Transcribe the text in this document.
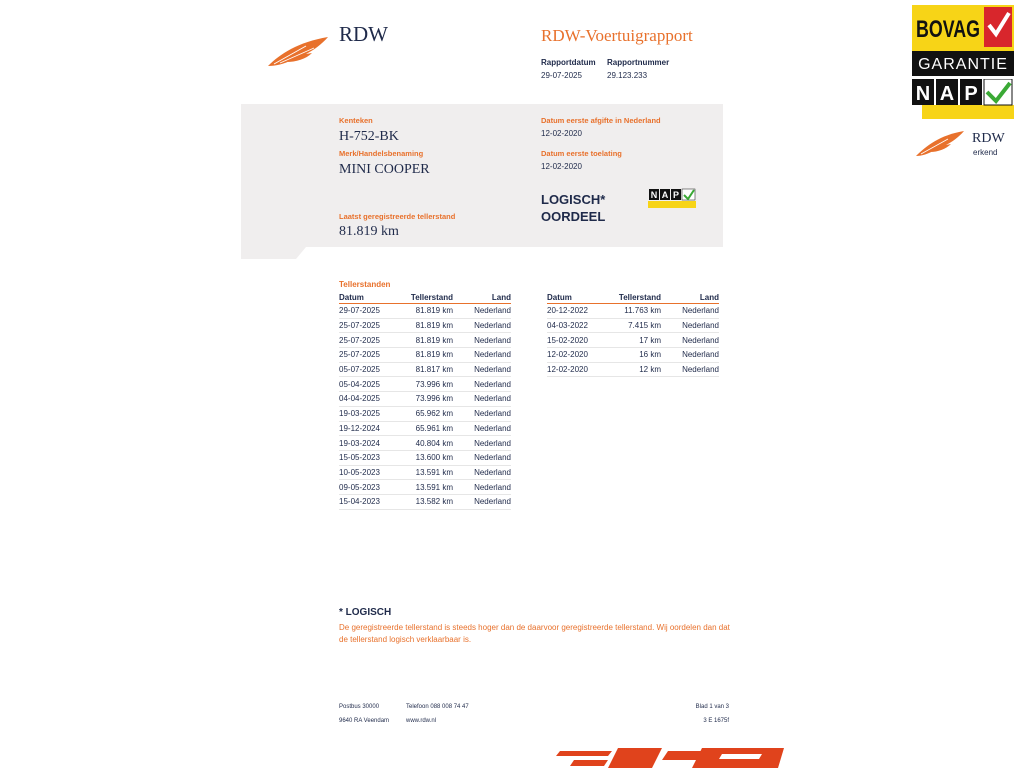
RDW	RDW-Voertuigrapport
Rapportdatum
29-07-2025
Rapportnummer
29.123.233
Kenteken
H-752-BK
Merk/Handelsbenaming
MINI COOPER
Laatst geregistreerde tellerstand
81.819 km
Datum eerste afgifte in Nederland
12-02-2020
Datum eerste toelating
12-02-2020
LOGISCH*
OORDEEL
N A P
Tellerstanden
Datum	Tellerstand	Land
29-07-2025	81.819 km	Nederland
25-07-2025	81.819 km	Nederland
25-07-2025	81.819 km	Nederland
25-07-2025	81.819 km	Nederland
05-07-2025	81.817 km	Nederland
05-04-2025	73.996 km	Nederland
04-04-2025	73.996 km	Nederland
19-03-2025	65.962 km	Nederland
19-12-2024	65.961 km	Nederland
19-03-2024	40.804 km	Nederland
15-05-2023	13.600 km	Nederland
10-05-2023	13.591 km	Nederland
09-05-2023	13.591 km	Nederland
15-04-2023	13.582 km	Nederland
Datum	Tellerstand	Land
20-12-2022	11.763 km	Nederland
04-03-2022	7.415 km	Nederland
15-02-2020	17 km	Nederland
12-02-2020	16 km	Nederland
12-02-2020	12 km	Nederland
* LOGISCH
De geregistreerde tellerstand is steeds hoger dan de daarvoor geregistreerde tellerstand. Wij oordelen dan dat de tellerstand logisch verklaarbaar is.
Postbus 30000
9640 RA Veendam
Telefoon 088 008 74 47
www.rdw.nl
Blad 1 van 3
3 E 1675f
BOVAG
GARANTIE
N A P
RDW
erkend
